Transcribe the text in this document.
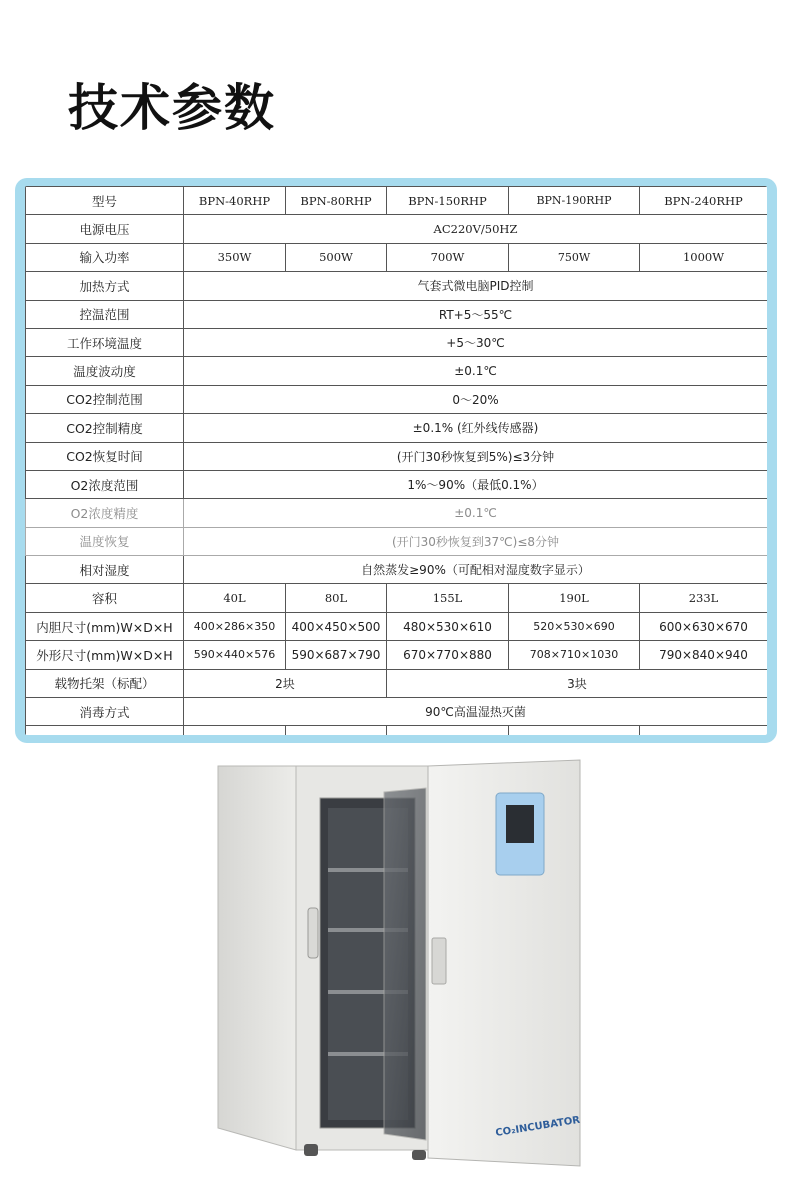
技术参数
型号	BPN-40RHP	BPN-80RHP	BPN-150RHP	BPN-190RHP	BPN-240RHP
电源电压	AC220V/50HZ				
输入功率	350W	500W	700W	750W	1000W
加热方式	气套式微电脑PID控制				
控温范围	RT+5～55℃				
工作环境温度	+5～30℃				
温度波动度	±0.1℃				
CO2控制范围	0～20%				
CO2控制精度	±0.1% (红外线传感器)				
CO2恢复时间	(开门30秒恢复到5%)≤3分钟				
O2浓度范围	1%～90%（最低0.1%）				
O2浓度精度	±0.1℃				
温度恢复	(开门30秒恢复到37℃)≤8分钟				
相对湿度	自然蒸发≥90%（可配相对湿度数字显示）				
容积	40L	80L	155L	190L	233L
内胆尺寸(mm)W×D×H	400×286×350	400×450×500	480×530×610	520×530×690	600×630×670
外形尺寸(mm)W×D×H	590×440×576	590×687×790	670×770×880	708×710×1030	790×840×940
载物托架（标配）	2块		3块		
消毒方式	90℃高温湿热灭菌				

CO₂INCUBATOR
